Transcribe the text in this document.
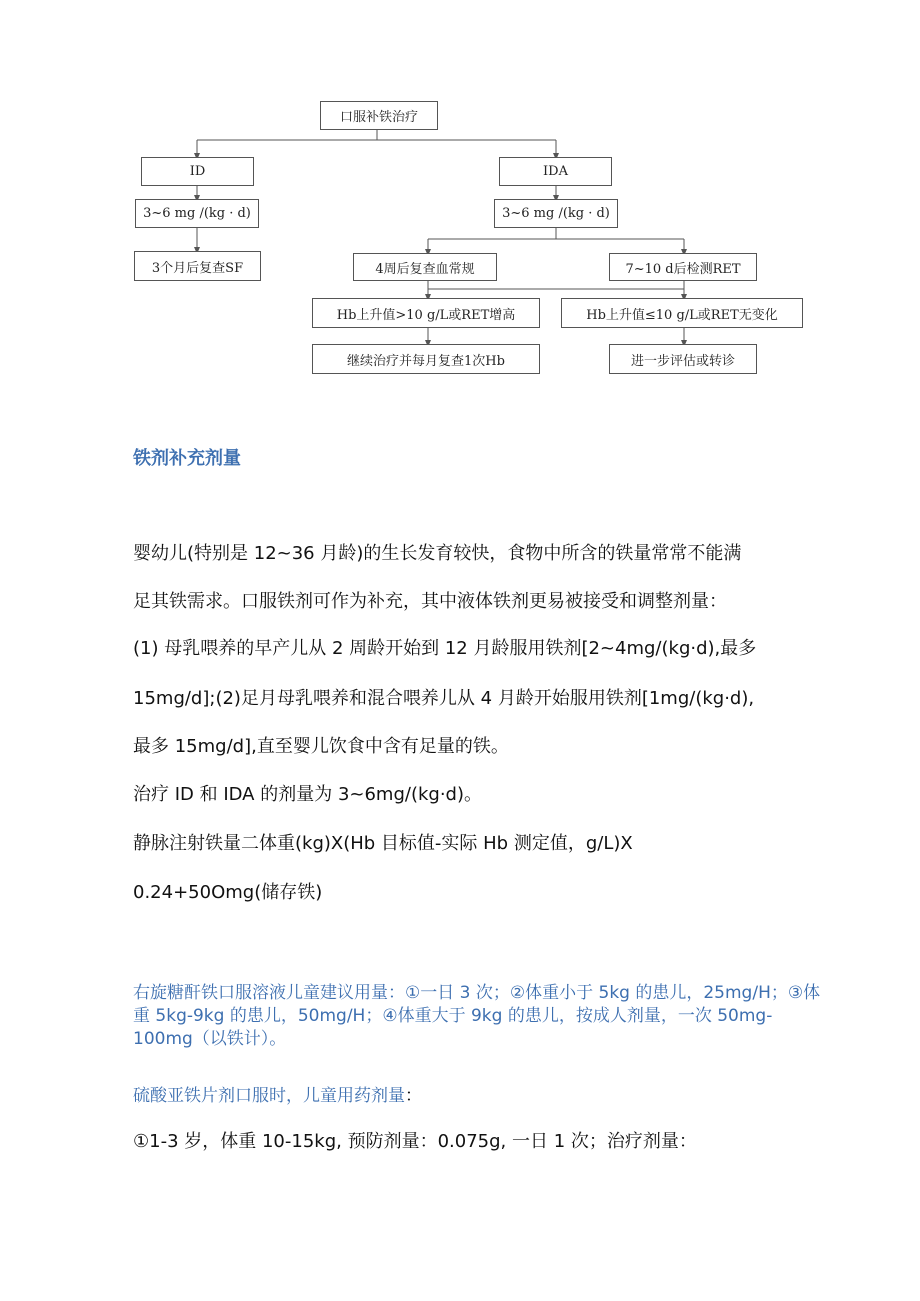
口服补铁治疗
ID	IDA
3~6 mg /(kg · d)	3~6 mg /(kg · d)
3个月后复查SF	4周后复查血常规	7~10 d后检测RET
Hb上升值>10 g/L或RET增高	Hb上升值≤10 g/L或RET无变化
继续治疗并每月复查1次Hb	进一步评估或转诊
铁剂补充剂量
婴幼儿(特别是 12~36 月龄)的生长发育较快，食物中所含的铁量常常不能满
足其铁需求。口服铁剂可作为补充，其中液体铁剂更易被接受和调整剂量：
(1) 母乳喂养的早产儿从 2 周龄开始到 12 月龄服用铁剂[2~4mg∕(kg·d),最多
15mg∕d];(2)足月母乳喂养和混合喂养儿从 4 月龄开始服用铁剂[1mg∕(kg·d),
最多 15mg∕d],直至婴儿饮食中含有足量的铁。
治疗 ID 和 IDA 的剂量为 3~6mg∕(kg·d)。
静脉注射铁量二体重(kg)X(Hb 目标值-实际 Hb 测定值，g/L)X
0.24+50Omg(储存铁)
右旋糖酐铁口服溶液儿童建议用量：①一日 3 次；②体重小于 5kg 的患儿，25mg∕H；③体重 5kg-9kg 的患儿，50mg∕H；④体重大于 9kg 的患儿，按成人剂量，一次 50mg-100mg（以铁计）。
硫酸亚铁片剂口服时，儿童用药剂量：
①1-3 岁，体重 10-15kg, 预防剂量：0.075g, 一日 1 次；治疗剂量：
